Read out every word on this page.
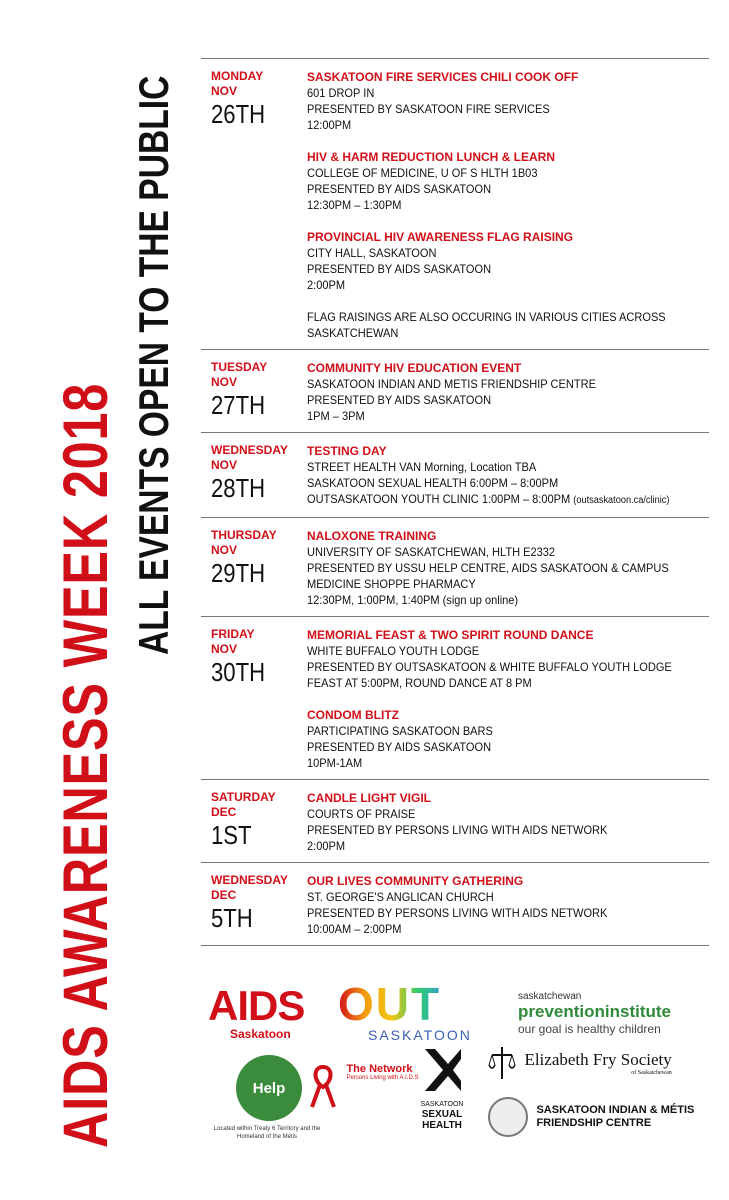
AIDS AWARENESS WEEK 2018
ALL EVENTS OPEN TO THE PUBLIC	MONDAY
NOV
26TH
SASKATOON FIRE SERVICES CHILI COOK OFF
601 DROP IN
PRESENTED BY SASKATOON FIRE SERVICES
12:00PM
HIV & HARM REDUCTION LUNCH & LEARN
COLLEGE OF MEDICINE, U OF S HLTH 1B03
PRESENTED BY AIDS SASKATOON
12:30PM – 1:30PM
PROVINCIAL HIV AWARENESS FLAG RAISING
CITY HALL, SASKATOON
PRESENTED BY AIDS SASKATOON
2:00PM
FLAG RAISINGS ARE ALSO OCCURING IN VARIOUS CITIES ACROSS
SASKATCHEWAN
TUESDAY
NOV
27TH
COMMUNITY HIV EDUCATION EVENT
SASKATOON INDIAN AND METIS FRIENDSHIP CENTRE
PRESENTED BY AIDS SASKATOON
1PM – 3PM
WEDNESDAY
NOV
28TH
TESTING DAY
STREET HEALTH VAN Morning, Location TBA
SASKATOON SEXUAL HEALTH 6:00PM – 8:00PM
OUTSASKATOON YOUTH CLINIC 1:00PM – 8:00PM (outsaskatoon.ca/clinic)
THURSDAY
NOV
29TH
NALOXONE TRAINING
UNIVERSITY OF SASKATCHEWAN, HLTH E2332
PRESENTED BY USSU HELP CENTRE, AIDS SASKATOON & CAMPUS
MEDICINE SHOPPE PHARMACY
12:30PM, 1:00PM, 1:40PM (sign up online)
FRIDAY
NOV
30TH
MEMORIAL FEAST & TWO SPIRIT ROUND DANCE
WHITE BUFFALO YOUTH LODGE
PRESENTED BY OUTSASKATOON & WHITE BUFFALO YOUTH LODGE
FEAST AT 5:00PM, ROUND DANCE AT 8 PM
CONDOM BLITZ
PARTICIPATING SASKATOON BARS
PRESENTED BY AIDS SASKATOON
10PM-1AM
SATURDAY
DEC
1ST
CANDLE LIGHT VIGIL
COURTS OF PRAISE
PRESENTED BY PERSONS LIVING WITH AIDS NETWORK
2:00PM
WEDNESDAY
DEC
5TH
OUR LIVES COMMUNITY GATHERING
ST. GEORGE'S ANGLICAN CHURCH
PRESENTED BY PERSONS LIVING WITH AIDS NETWORK
10:00AM – 2:00PM
AIDS
Saskatoon
OUT
SASKATOON
saskatchewan
preventioninstitute
our goal is healthy children
Help
Located within Treaty 6 Territory and the Homeland of the Métis

The Network
Persons Living with A.I.D.S
SASKATOON
SEXUAL HEALTH

Elizabeth Fry Society
of Saskatchewan

SASKATOON INDIAN & MÉTIS
FRIENDSHIP CENTRE
